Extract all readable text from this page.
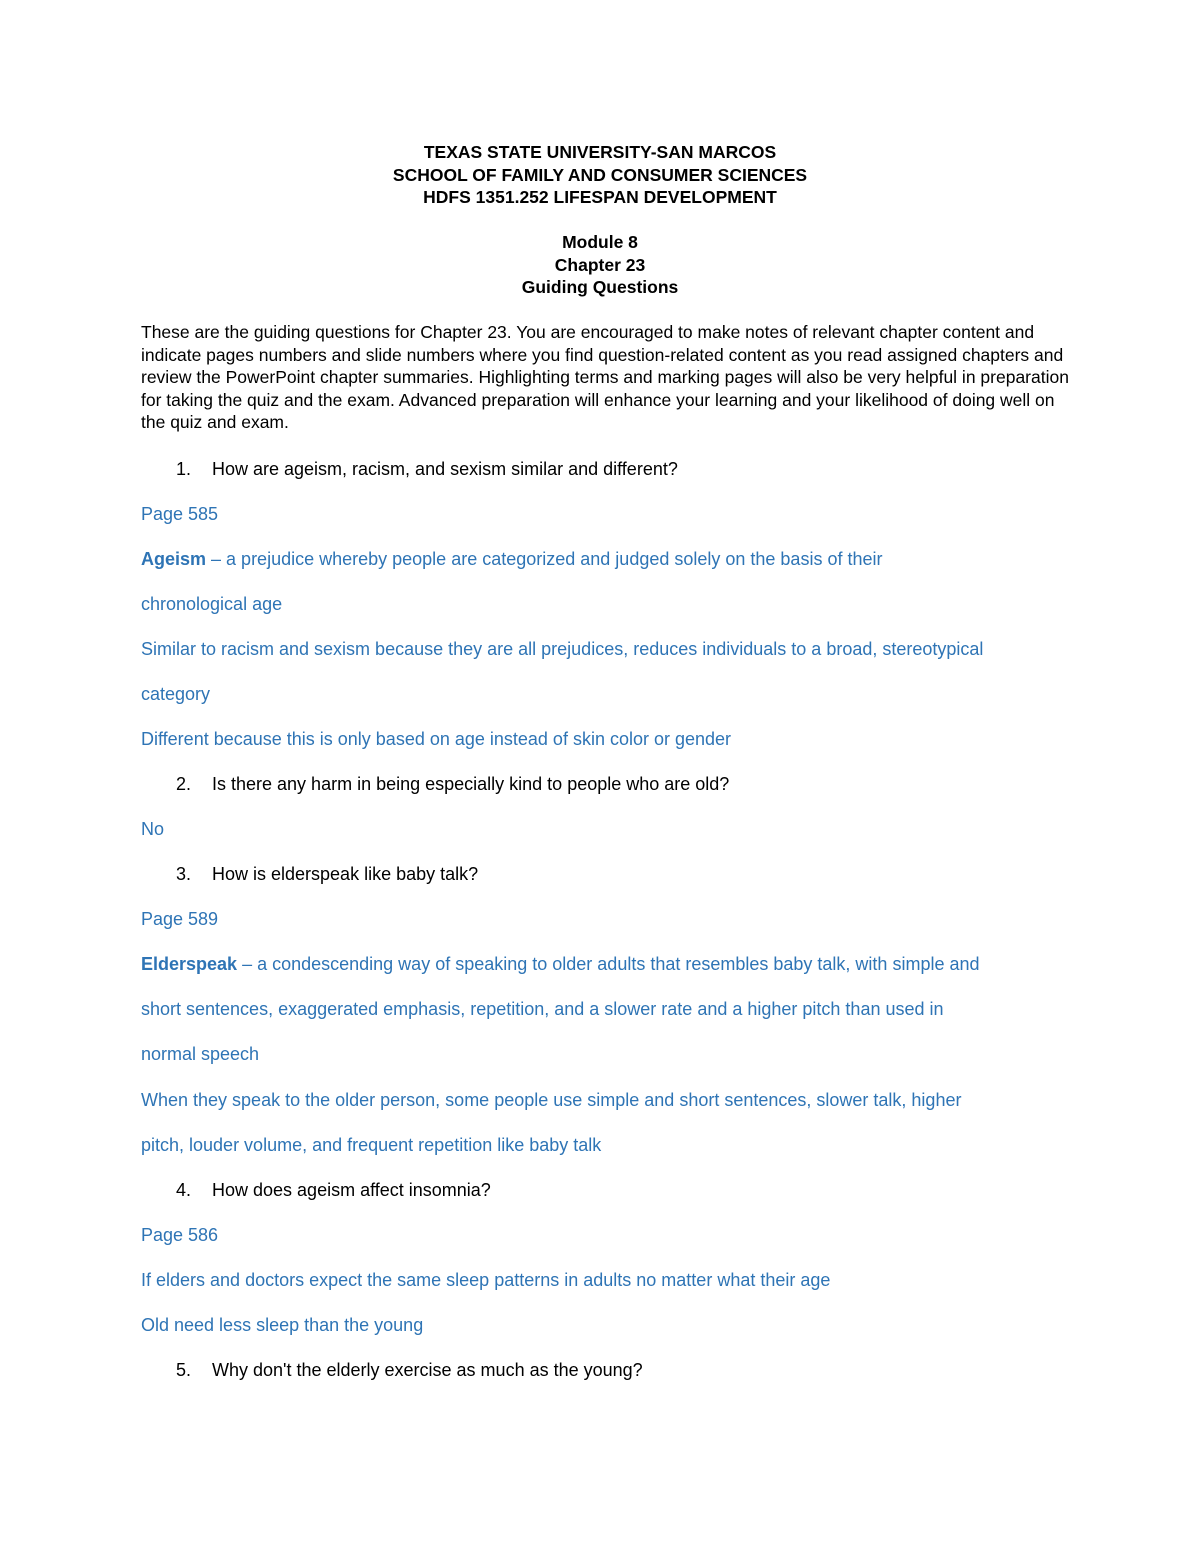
TEXAS STATE UNIVERSITY-SAN MARCOS
SCHOOL OF FAMILY AND CONSUMER SCIENCES
HDFS 1351.252 LIFESPAN DEVELOPMENT
Module 8
Chapter 23
Guiding Questions

These are the guiding questions for Chapter 23. You are encouraged to make notes of relevant chapter content and indicate pages numbers and slide numbers where you find question-related content as you read assigned chapters and review the PowerPoint chapter summaries. Highlighting terms and marking pages will also be very helpful in preparation for taking the quiz and the exam. Advanced preparation will enhance your learning and your likelihood of doing well on the quiz and exam.

1. How are ageism, racism, and sexism similar and different?

Page 585

Ageism – a prejudice whereby people are categorized and judged solely on the basis of their

chronological age

Similar to racism and sexism because they are all prejudices, reduces individuals to a broad, stereotypical

category

Different because this is only based on age instead of skin color or gender

2. Is there any harm in being especially kind to people who are old?

No

3. How is elderspeak like baby talk?

Page 589

Elderspeak – a condescending way of speaking to older adults that resembles baby talk, with simple and

short sentences, exaggerated emphasis, repetition, and a slower rate and a higher pitch than used in

normal speech

When they speak to the older person, some people use simple and short sentences, slower talk, higher

pitch, louder volume, and frequent repetition like baby talk

4. How does ageism affect insomnia?

Page 586

If elders and doctors expect the same sleep patterns in adults no matter what their age

Old need less sleep than the young

5. Why don't the elderly exercise as much as the young?
